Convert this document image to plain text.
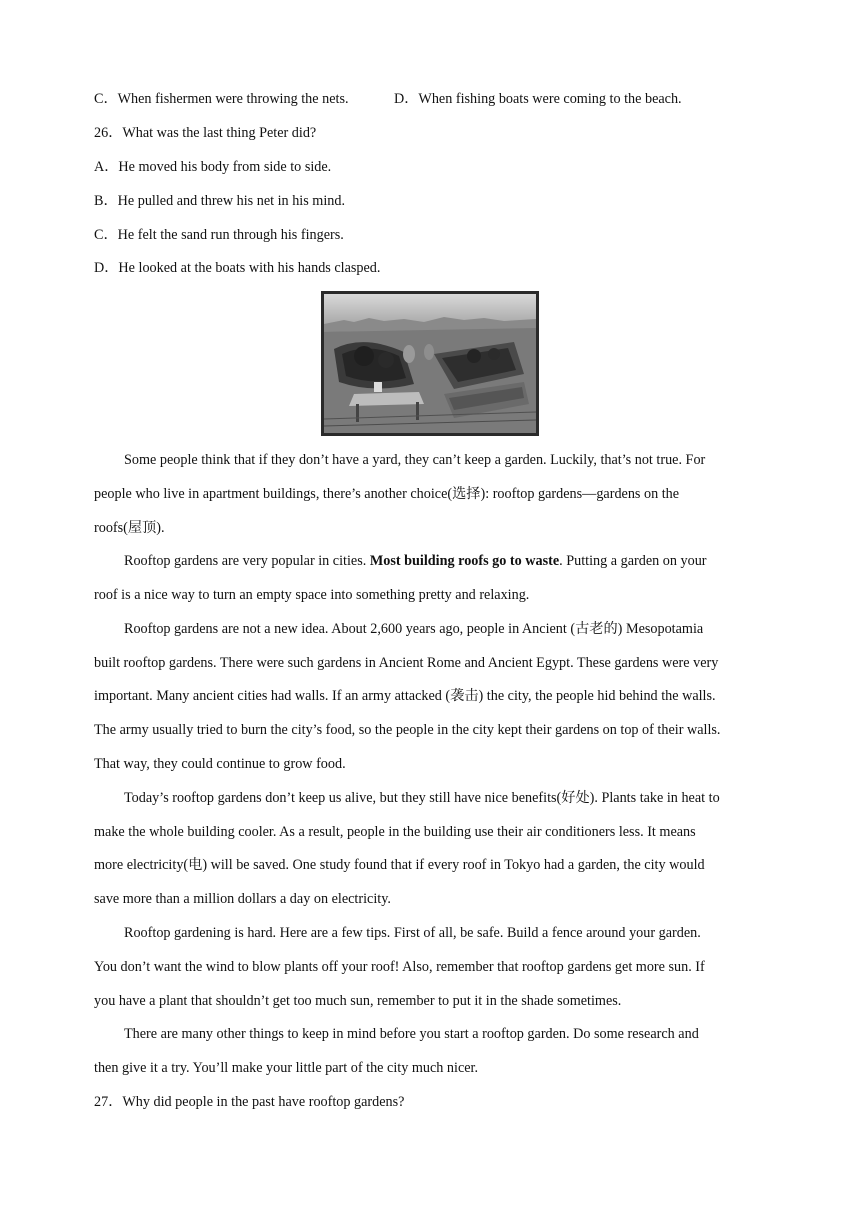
C．When fishermen were throwing the nets.	D．When fishing boats were coming to the beach.
26．What was the last thing Peter did?
A．He moved his body from side to side.
B．He pulled and threw his net in his mind.
C．He felt the sand run through his fingers.
D．He looked at the boats with his hands clasped.
Some people think that if they don’t have a yard, they can’t keep a garden. Luckily, that’s not true. For
people who live in apartment buildings, there’s another choice(选择): rooftop gardens—gardens on the
roofs(屋顶).
Rooftop gardens are very popular in cities. Most building roofs go to waste. Putting a garden on your
roof is a nice way to turn an empty space into something pretty and relaxing.
Rooftop gardens are not a new idea. About 2,600 years ago, people in Ancient (古老的) Mesopotamia
built rooftop gardens. There were such gardens in Ancient Rome and Ancient Egypt. These gardens were very
important. Many ancient cities had walls. If an army attacked (袭击) the city, the people hid behind the walls.
The army usually tried to burn the city’s food, so the people in the city kept their gardens on top of their walls.
That way, they could continue to grow food.
Today’s rooftop gardens don’t keep us alive, but they still have nice benefits(好处). Plants take in heat to
make the whole building cooler. As a result, people in the building use their air conditioners less. It means
more electricity(电) will be saved. One study found that if every roof in Tokyo had a garden, the city would
save more than a million dollars a day on electricity.
Rooftop gardening is hard. Here are a few tips. First of all, be safe. Build a fence around your garden.
You don’t want the wind to blow plants off your roof! Also, remember that rooftop gardens get more sun. If
you have a plant that shouldn’t get too much sun, remember to put it in the shade sometimes.
There are many other things to keep in mind before you start a rooftop garden. Do some research and
then give it a try. You’ll make your little part of the city much nicer.
27．Why did people in the past have rooftop gardens?
